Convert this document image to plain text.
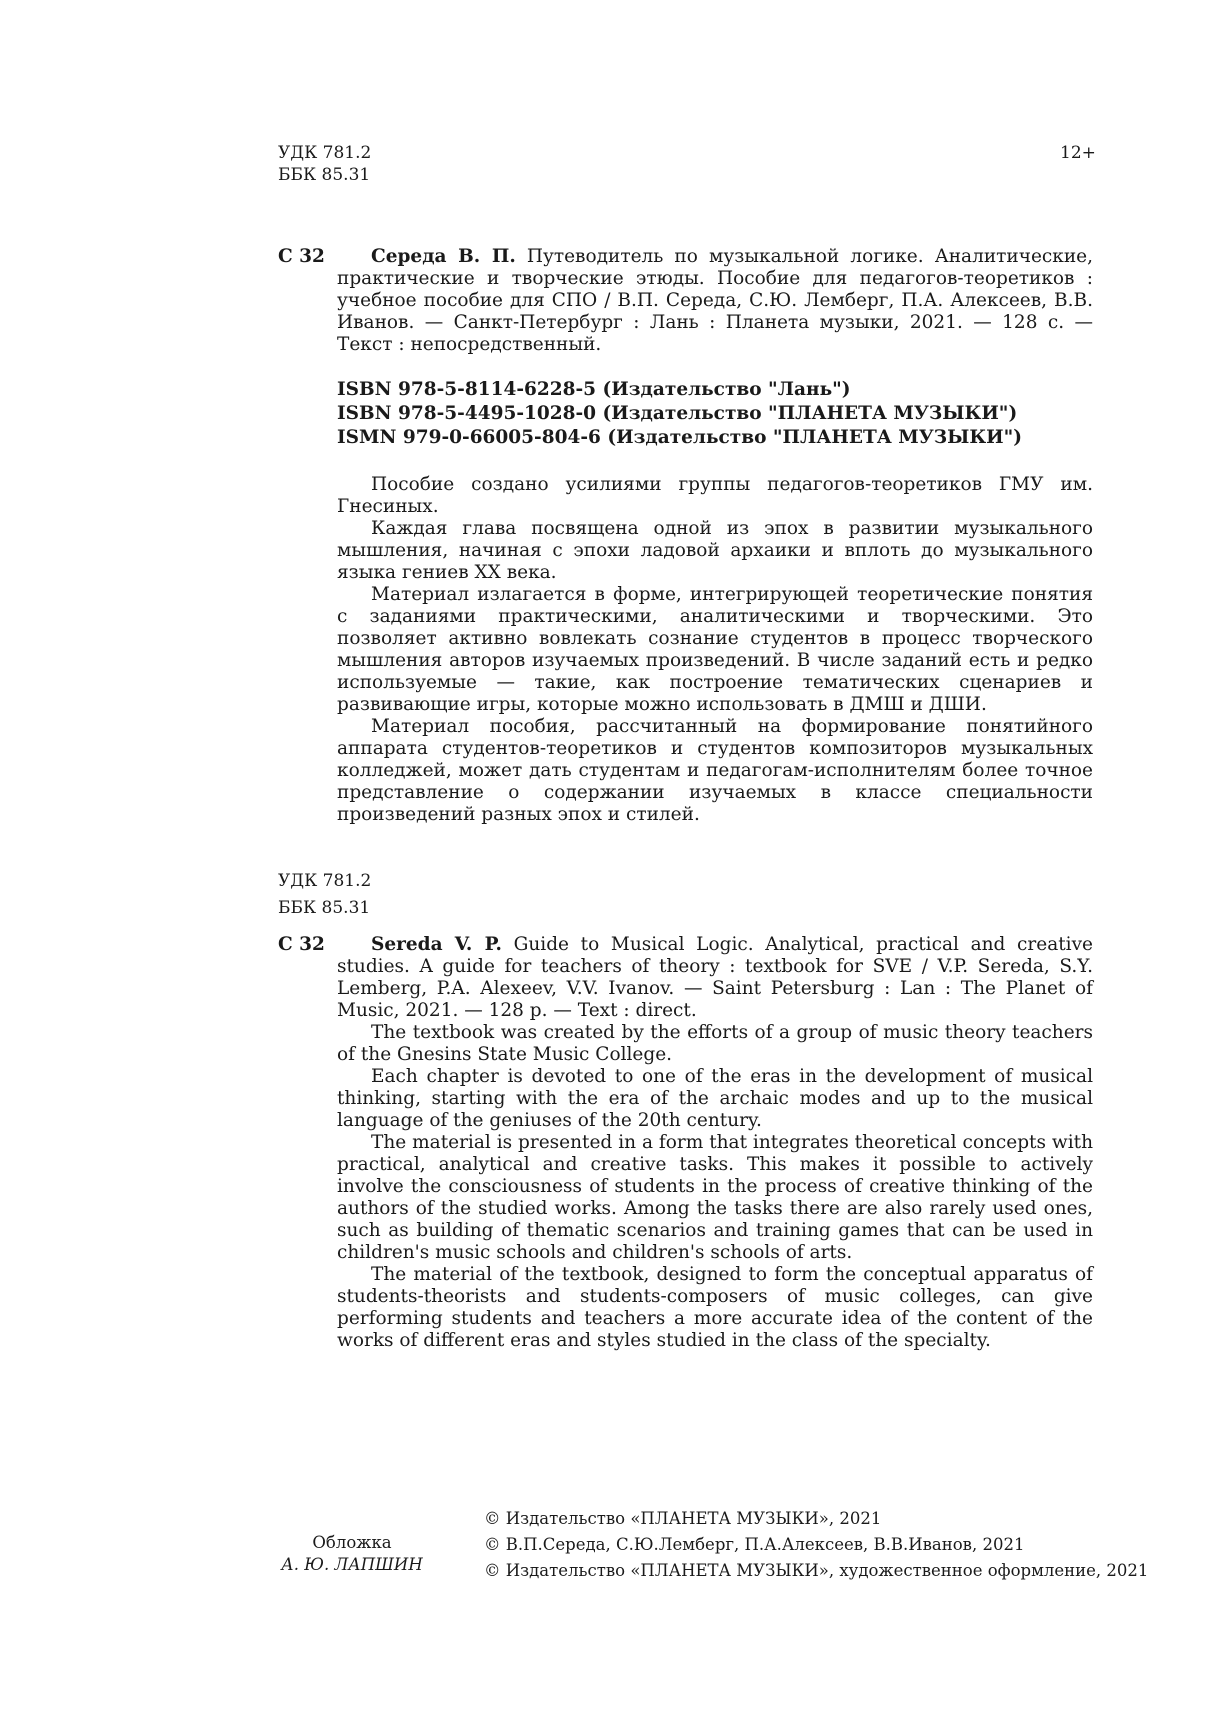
УДК 781.2
ББК 85.31
12+
С 32	Середа В. П. Путеводитель по музыкальной логике. Аналитические, практические и творческие этюды. Пособие для педагогов-теоретиков : учебное пособие для СПО / В.П. Середа, С.Ю. Лемберг, П.А. Алексеев, В.В. Иванов. — Санкт-Петербург : Лань : Планета музыки, 2021. — 128 с. — Текст : непосредственный.
ISBN 978-5-8114-6228-5 (Издательство "Лань")
ISBN 978-5-4495-1028-0 (Издательство "ПЛАНЕТА МУЗЫКИ")
ISMN 979-0-66005-804-6 (Издательство "ПЛАНЕТА МУЗЫКИ")

Пособие создано усилиями группы педагогов-теоретиков ГМУ им. Гнесиных.

Каждая глава посвящена одной из эпох в развитии музыкального мышления, начиная с эпохи ладовой архаики и вплоть до музыкального языка гениев XX века.

Материал излагается в форме, интегрирующей теоретические понятия с заданиями практическими, аналитическими и творческими. Это позволяет активно вовлекать сознание студентов в процесс творческого мышления авторов изучаемых произведений. В числе заданий есть и редко используемые — такие, как построение тематических сценариев и развивающие игры, которые можно использовать в ДМШ и ДШИ.

Материал пособия, рассчитанный на формирование понятийного аппарата студентов-теоретиков и студентов композиторов музыкальных колледжей, может дать студентам и педагогам-исполнителям более точное представление о содержании изучаемых в классе специальности произведений разных эпох и стилей.

УДК 781.2
ББК 85.31
С 32	Sereda V. P. Guide to Musical Logic. Analytical, practical and creative studies. A guide for teachers of theory : textbook for SVE / V.P. Sereda, S.Y. Lemberg, P.A. Alexeev, V.V. Ivanov. — Saint Petersburg : Lan : The Planet of Music, 2021. — 128 p. — Text : direct.

The textbook was created by the efforts of a group of music theory teachers of the Gnesins State Music College.

Each chapter is devoted to one of the eras in the development of musical thinking, starting with the era of the archaic modes and up to the musical language of the geniuses of the 20th century.

The material is presented in a form that integrates theoretical concepts with practical, analytical and creative tasks. This makes it possible to actively involve the consciousness of students in the process of creative thinking of the authors of the studied works. Among the tasks there are also rarely used ones, such as building of thematic scenarios and training games that can be used in children's music schools and children's schools of arts.

The material of the textbook, designed to form the conceptual apparatus of students-theorists and students-composers of music colleges, can give performing students and teachers a more accurate idea of the content of the works of different eras and styles studied in the class of the specialty.

Обложка
А. Ю. ЛАПШИН
© Издательство «ПЛАНЕТА МУЗЫКИ», 2021
© В.П.Середа, С.Ю.Лемберг, П.А.Алексеев, В.В.Иванов, 2021
© Издательство «ПЛАНЕТА МУЗЫКИ», художественное оформление, 2021
